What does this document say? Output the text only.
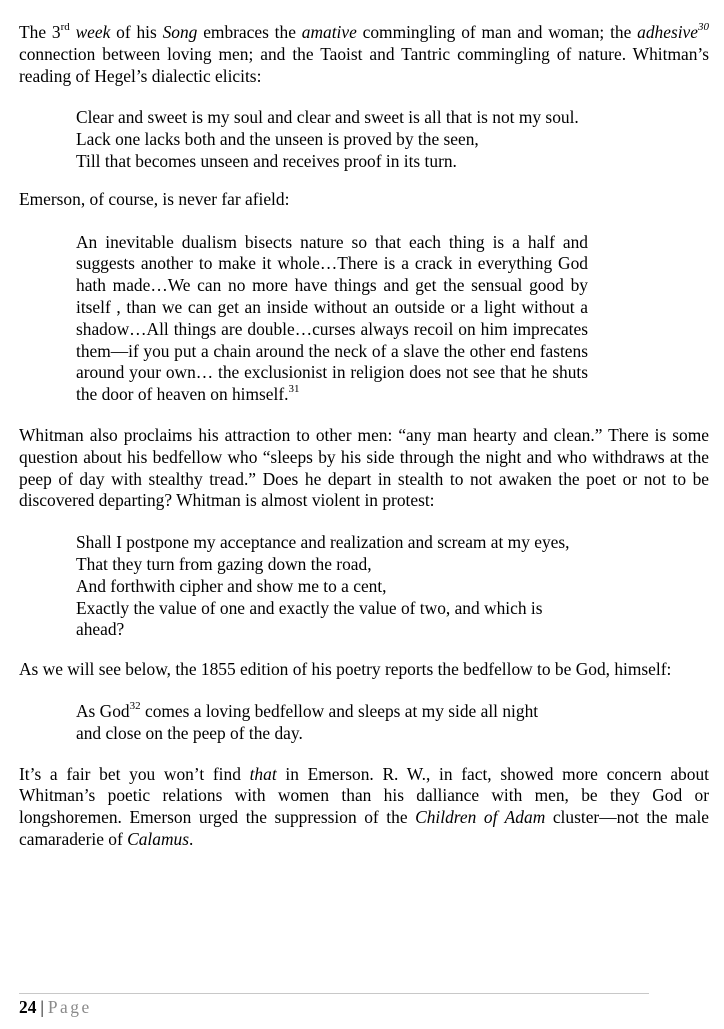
The 3rd week of his Song embraces the amative commingling of man and woman; the adhesive$^{30}$ connection between loving men; and the Taoist and Tantric commingling of nature. Whitman’s reading of Hegel’s dialectic elicits:

Clear and sweet is my soul and clear and sweet is all that is not my soul.

Lack one lacks both and the unseen is proved by the seen,

Till that becomes unseen and receives proof in its turn.

Emerson, of course, is never far afield:

An inevitable dualism bisects nature so that each thing is a half and suggests another to make it whole…There is a crack in everything God hath made…We can no more have things and get the sensual good by itself , than we can get an inside without an outside or a light without a shadow…All things are double…curses always recoil on him imprecates them—if you put a chain around the neck of a slave the other end fastens around your own… the exclusionist in religion does not see that he shuts the door of heaven on himself.$^{31}$

Whitman also proclaims his attraction to other men: “any man hearty and clean.” There is some question about his bedfellow who “sleeps by his side through the night and who withdraws at the peep of day with stealthy tread.” Does he depart in stealth to not awaken the poet or not to be discovered departing? Whitman is almost violent in protest:

Shall I postpone my acceptance and realization and scream at my eyes,

That they turn from gazing down the road,

And forthwith cipher and show me to a cent,

Exactly the value of one and exactly the value of two, and which is ahead?

As we will see below, the 1855 edition of his poetry reports the bedfellow to be God, himself:

As God$^{32}$ comes a loving bedfellow and sleeps at my side all night

and close on the peep of the day.

It’s a fair bet you won’t find that in Emerson. R. W., in fact, showed more concern about Whitman’s poetic relations with women than his dalliance with men, be they God or longshoremen. Emerson urged the suppression of the Children of Adam cluster—not the male camaraderie of Calamus.

24 | Page
